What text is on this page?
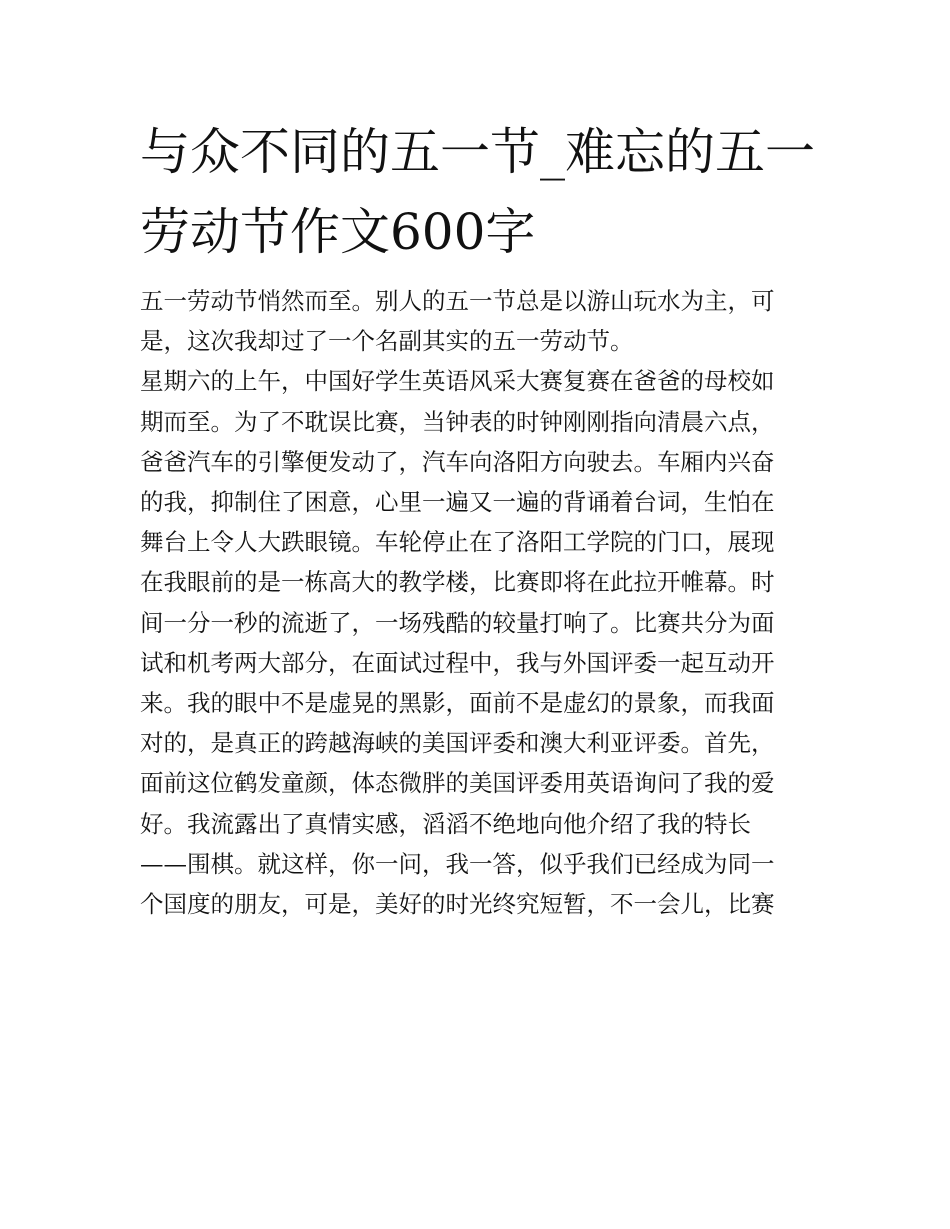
与众不同的五一节_难忘的五一
劳动节作文600字

五一劳动节悄然而至。别人的五一节总是以游山玩水为主，可
是，这次我却过了一个名副其实的五一劳动节。

星期六的上午，中国好学生英语风采大赛复赛在爸爸的母校如
期而至。为了不耽误比赛，当钟表的时钟刚刚指向清晨六点，
爸爸汽车的引擎便发动了，汽车向洛阳方向驶去。车厢内兴奋
的我，抑制住了困意，心里一遍又一遍的背诵着台词，生怕在
舞台上令人大跌眼镜。车轮停止在了洛阳工学院的门口，展现
在我眼前的是一栋高大的教学楼，比赛即将在此拉开帷幕。时
间一分一秒的流逝了，一场残酷的较量打响了。比赛共分为面
试和机考两大部分，在面试过程中，我与外国评委一起互动开
来。我的眼中不是虚晃的黑影，面前不是虚幻的景象，而我面
对的，是真正的跨越海峡的美国评委和澳大利亚评委。首先，
面前这位鹤发童颜，体态微胖的美国评委用英语询问了我的爱
好。我流露出了真情实感，滔滔不绝地向他介绍了我的特长
——围棋。就这样，你一问，我一答，似乎我们已经成为同一
个国度的朋友，可是，美好的时光终究短暂，不一会儿，比赛
